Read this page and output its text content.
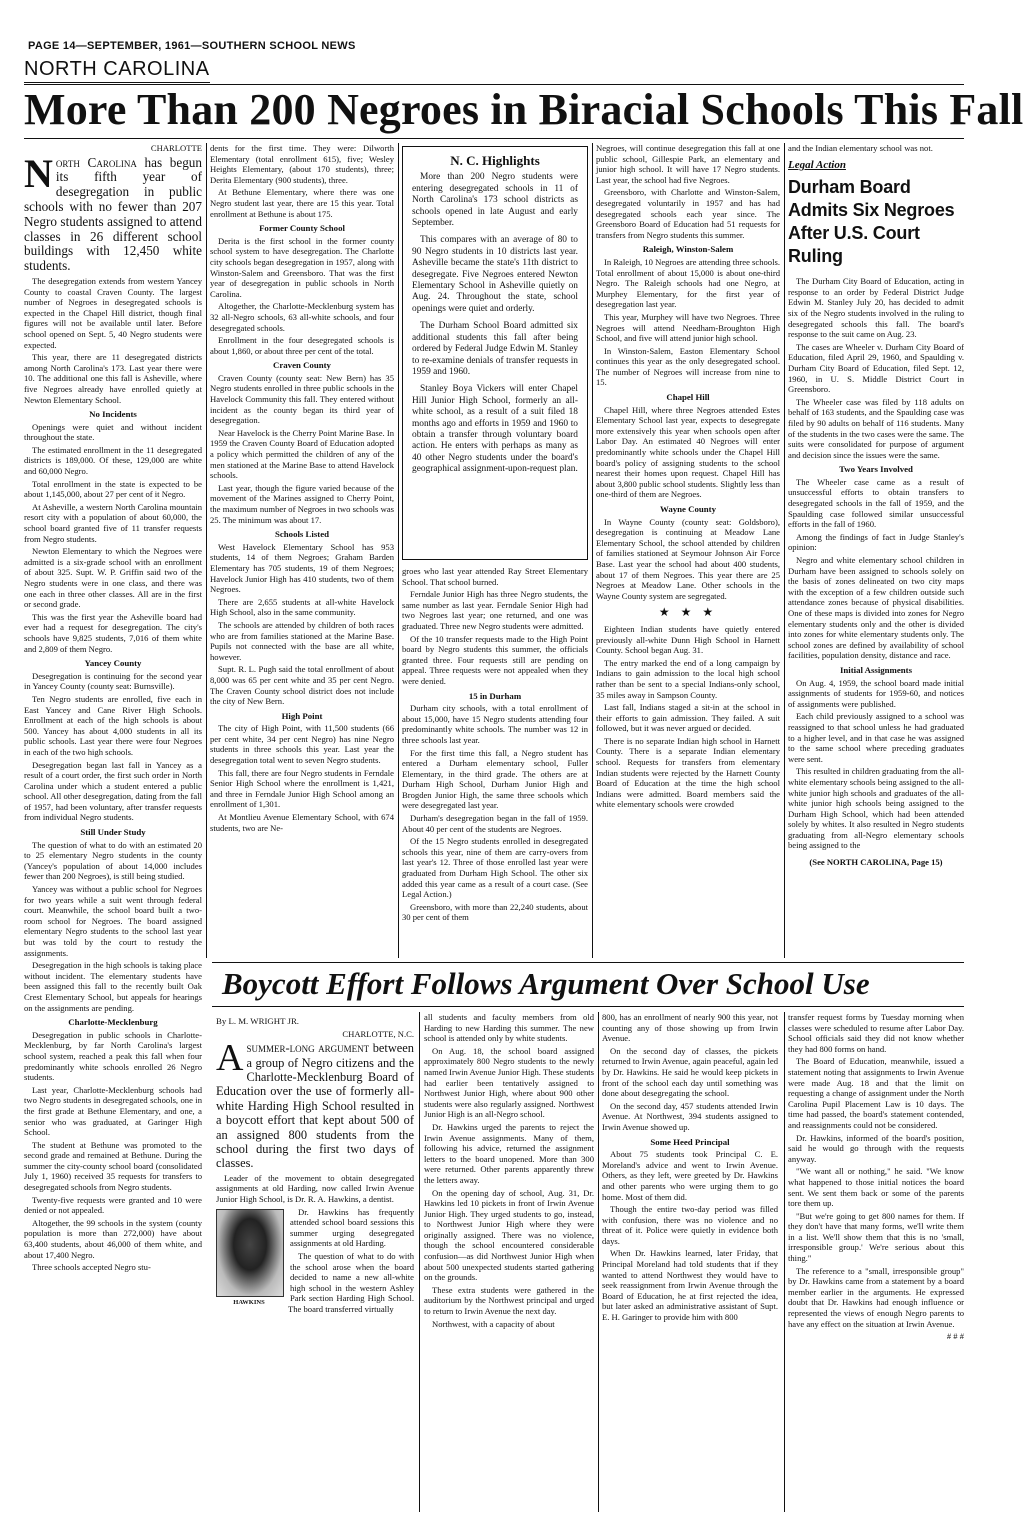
PAGE 14—SEPTEMBER, 1961—SOUTHERN SCHOOL NEWS
NORTH CAROLINA
More Than 200 Negroes in Biracial Schools This Fall

CHARLOTTE

North Carolina has begun its fifth year of desegregation in public schools with no fewer than 207 Negro students assigned to attend classes in 26 different school buildings with 12,450 white students.

The desegregation extends from western Yancey County to coastal Craven County. The largest number of Negroes in desegregated schools is expected in the Chapel Hill district, though final figures will not be available until later. Before school opened on Sept. 5, 40 Negro students were expected.

This year, there are 11 desegregated districts among North Carolina's 173. Last year there were 10. The additional one this fall is Asheville, where five Negroes already have enrolled quietly at Newton Elementary School.

No Incidents

Openings were quiet and without incident throughout the state.

The estimated enrollment in the 11 desegregated districts is 189,000. Of these, 129,000 are white and 60,000 Negro.

Total enrollment in the state is expected to be about 1,145,000, about 27 per cent of it Negro.

At Asheville, a western North Carolina mountain resort city with a population of about 60,000, the school board granted five of 11 transfer requests from Negro students.

Newton Elementary to which the Negroes were admitted is a six-grade school with an enrollment of about 325. Supt. W. P. Griffin said two of the Negro students were in one class, and there was one each in three other classes. All are in the first or second grade.

This was the first year the Asheville board had ever had a request for desegregation. The city's schools have 9,825 students, 7,016 of them white and 2,809 of them Negro.

Yancey County

Desegregation is continuing for the second year in Yancey County (county seat: Burnsville).

Ten Negro students are enrolled, five each in East Yancey and Cane River High Schools. Enrollment at each of the high schools is about 500. Yancey has about 4,000 students in all its public schools. Last year there were four Negroes in each of the two high schools.

Desegregation began last fall in Yancey as a result of a court order, the first such order in North Carolina under which a student entered a public school. All other desegregation, dating from the fall of 1957, had been voluntary, after transfer requests from individual Negro students.

Still Under Study

The question of what to do with an estimated 20 to 25 elementary Negro students in the county (Yancey's population of about 14,000 includes fewer than 200 Negroes), is still being studied.

Yancey was without a public school for Negroes for two years while a suit went through federal court. Meanwhile, the school board built a two-room school for Negroes. The board assigned elementary Negro students to the school last year but was told by the court to restudy the assignments.

Desegregation in the high schools is taking place without incident. The elementary students have been assigned this fall to the recently built Oak Crest Elementary School, but appeals for hearings on the assignments are pending.

Charlotte-Mecklenburg

Desegregation in public schools in Charlotte-Mecklenburg, by far North Carolina's largest school system, reached a peak this fall when four predominantly white schools enrolled 26 Negro students.

Last year, Charlotte-Mecklenburg schools had two Negro students in desegregated schools, one in the first grade at Bethune Elementary, and one, a senior who was graduated, at Garinger High School.

The student at Bethune was promoted to the second grade and remained at Bethune. During the summer the city-county school board (consolidated July 1, 1960) received 35 requests for transfers to desegregated schools from Negro students.

Twenty-five requests were granted and 10 were denied or not appealed.

Altogether, the 99 schools in the system (county population is more than 272,000) have about 63,400 students, about 46,000 of them white, and about 17,400 Negro.

Three schools accepted Negro stu-

dents for the first time. They were: Dilworth Elementary (total enrollment 615), five; Wesley Heights Elementary, (about 170 students), three; Derita Elementary (900 students), three.

At Bethune Elementary, where there was one Negro student last year, there are 15 this year. Total enrollment at Bethune is about 175.

Former County School

Derita is the first school in the former county school system to have desegregation. The Charlotte city schools began desegregation in 1957, along with Winston-Salem and Greensboro. That was the first year of desegregation in public schools in North Carolina.

Altogether, the Charlotte-Mecklenburg system has 32 all-Negro schools, 63 all-white schools, and four desegregated schools.

Enrollment in the four desegregated schools is about 1,860, or about three per cent of the total.

Craven County

Craven County (county seat: New Bern) has 35 Negro students enrolled in three public schools in the Havelock Community this fall. They entered without incident as the county began its third year of desegregation.

Near Havelock is the Cherry Point Marine Base. In 1959 the Craven County Board of Education adopted a policy which permitted the children of any of the men stationed at the Marine Base to attend Havelock schools.

Last year, though the figure varied because of the movement of the Marines assigned to Cherry Point, the maximum number of Negroes in two schools was 25. The minimum was about 17.

Schools Listed

West Havelock Elementary School has 953 students, 14 of them Negroes; Graham Barden Elementary has 705 students, 19 of them Negroes; Havelock Junior High has 410 students, two of them Negroes.

There are 2,655 students at all-white Havelock High School, also in the same community.

The schools are attended by children of both races who are from families stationed at the Marine Base. Pupils not connected with the base are all white, however.

Supt. R. L. Pugh said the total enrollment of about 8,000 was 65 per cent white and 35 per cent Negro. The Craven County school district does not include the city of New Bern.

High Point

The city of High Point, with 11,500 students (66 per cent white, 34 per cent Negro) has nine Negro students in three schools this year. Last year the desegregation total went to seven Negro students.

This fall, there are four Negro students in Ferndale Senior High School where the enrollment is 1,421, and three in Ferndale Junior High School among an enrollment of 1,301.

At Montlieu Avenue Elementary School, with 674 students, two are Ne-

N. C. Highlights

More than 200 Negro students were entering desegregated schools in 11 of North Carolina's 173 school districts as schools opened in late August and early September.

This compares with an average of 80 to 90 Negro students in 10 districts last year. Asheville became the state's 11th district to desegregate. Five Negroes entered Newton Elementary School in Asheville quietly on Aug. 24. Throughout the state, school openings were quiet and orderly.

The Durham School Board admitted six additional students this fall after being ordered by Federal Judge Edwin M. Stanley to re-examine denials of transfer requests in 1959 and 1960.

Stanley Boya Vickers will enter Chapel Hill Junior High School, formerly an all-white school, as a result of a suit filed 18 months ago and efforts in 1959 and 1960 to obtain a transfer through voluntary board action. He enters with perhaps as many as 40 other Negro students under the board's geographical assignment-upon-request plan.

groes who last year attended Ray Street Elementary School. That school burned.

Ferndale Junior High has three Negro students, the same number as last year. Ferndale Senior High had two Negroes last year; one returned, and one was graduated. Three new Negro students were admitted.

Of the 10 transfer requests made to the High Point board by Negro students this summer, the officials granted three. Four requests still are pending on appeal. Three requests were not appealed when they were denied.

15 in Durham

Durham city schools, with a total enrollment of about 15,000, have 15 Negro students attending four predominantly white schools. The number was 12 in three schools last year.

For the first time this fall, a Negro student has entered a Durham elementary school, Fuller Elementary, in the third grade. The others are at Durham High School, Durham Junior High and Brogden Junior High, the same three schools which were desegregated last year.

Durham's desegregation began in the fall of 1959. About 40 per cent of the students are Negroes.

Of the 15 Negro students enrolled in desegregated schools this year, nine of them are carry-overs from last year's 12. Three of those enrolled last year were graduated from Durham High School. The other six added this year came as a result of a court case. (See Legal Action.)

Greensboro, with more than 22,240 students, about 30 per cent of them

Negroes, will continue desegregation this fall at one public school, Gillespie Park, an elementary and junior high school. It will have 17 Negro students. Last year, the school had five Negroes.

Greensboro, with Charlotte and Winston-Salem, desegregated voluntarily in 1957 and has had desegregated schools each year since. The Greensboro Board of Education had 51 requests for transfers from Negro students this summer.

Raleigh, Winston-Salem

In Raleigh, 10 Negroes are attending three schools. Total enrollment of about 15,000 is about one-third Negro. The Raleigh schools had one Negro, at Murphey Elementary, for the first year of desegregation last year.

This year, Murphey will have two Negroes. Three Negroes will attend Needham-Broughton High School, and five will attend junior high school.

In Winston-Salem, Easton Elementary School continues this year as the only desegregated school. The number of Negroes will increase from nine to 15.

Chapel Hill

Chapel Hill, where three Negroes attended Estes Elementary School last year, expects to desegregate more extensively this year when schools open after Labor Day. An estimated 40 Negroes will enter predominantly white schools under the Chapel Hill board's policy of assigning students to the school nearest their homes upon request. Chapel Hill has about 3,800 public school students. Slightly less than one-third of them are Negroes.

Wayne County

In Wayne County (county seat: Goldsboro), desegregation is continuing at Meadow Lane Elementary School, the school attended by children of families stationed at Seymour Johnson Air Force Base. Last year the school had about 400 students, about 17 of them Negroes. This year there are 25 Negroes at Meadow Lane. Other schools in the Wayne County system are segregated.

★ ★ ★

Eighteen Indian students have quietly entered previously all-white Dunn High School in Harnett County. School began Aug. 31.

The entry marked the end of a long campaign by Indians to gain admission to the local high school rather than be sent to a special Indians-only school, 35 miles away in Sampson County.

Last fall, Indians staged a sit-in at the school in their efforts to gain admission. They failed. A suit followed, but it was never argued or decided.

There is no separate Indian high school in Harnett County. There is a separate Indian elementary school. Requests for transfers from elementary Indian students were rejected by the Harnett County Board of Education at the time the high school Indians were admitted. Board members said the white elementary schools were crowded

and the Indian elementary school was not.

Legal Action
Durham Board Admits Six Negroes After U.S. Court Ruling

The Durham City Board of Education, acting in response to an order by Federal District Judge Edwin M. Stanley July 20, has decided to admit six of the Negro students involved in the ruling to desegregated schools this fall. The board's response to the suit came on Aug. 23.

The cases are Wheeler v. Durham City Board of Education, filed April 29, 1960, and Spaulding v. Durham City Board of Education, filed Sept. 12, 1960, in U. S. Middle District Court in Greensboro.

The Wheeler case was filed by 118 adults on behalf of 163 students, and the Spaulding case was filed by 90 adults on behalf of 116 students. Many of the students in the two cases were the same. The suits were consolidated for purpose of argument and decision since the issues were the same.

Two Years Involved

The Wheeler case came as a result of unsuccessful efforts to obtain transfers to desegregated schools in the fall of 1959, and the Spaulding case followed similar unsuccessful efforts in the fall of 1960.

Among the findings of fact in Judge Stanley's opinion:

Negro and white elementary school children in Durham have been assigned to schools solely on the basis of zones delineated on two city maps with the exception of a few children outside such attendance zones because of physical disabilities. One of these maps is divided into zones for Negro elementary students only and the other is divided into zones for white elementary students only. The school zones are defined by availability of school facilities, population density, distance and race.

Initial Assignments

On Aug. 4, 1959, the school board made initial assignments of students for 1959-60, and notices of assignments were published.

Each child previously assigned to a school was reassigned to that school unless he had graduated to a higher level, and in that case he was assigned to the same school where preceding graduates were sent.

This resulted in children graduating from the all-white elementary schools being assigned to the all-white junior high schools and graduates of the all-white junior high schools being assigned to the Durham High School, which had been attended solely by whites. It also resulted in Negro students graduating from all-Negro elementary schools being assigned to the

(See NORTH CAROLINA, Page 15)

Boycott Effort Follows Argument Over School Use

By L. M. WRIGHT JR.

CHARLOTTE, N.C.

Asummer-long argument between a group of Negro citizens and the Charlotte-Mecklenburg Board of Education over the use of formerly all-white Harding High School resulted in a boycott effort that kept about 500 of an assigned 800 students from the school during the first two days of classes.

Leader of the movement to obtain desegregated assignments at old Harding, now called Irwin Avenue Junior High School, is Dr. R. A. Hawkins, a dentist.

HAWKINS

Dr. Hawkins has frequently attended school board sessions this summer urging desegregated assignments at old Harding.

The question of what to do with the school arose when the board decided to name a new all-white high school in the western Ashley Park section Harding High School. The board transferred virtually

all students and faculty members from old Harding to new Harding this summer. The new school is attended only by white students.

On Aug. 18, the school board assigned approximately 800 Negro students to the newly named Irwin Avenue Junior High. These students had earlier been tentatively assigned to Northwest Junior High, where about 900 other students were also regularly assigned. Northwest Junior High is an all-Negro school.

Dr. Hawkins urged the parents to reject the Irwin Avenue assignments. Many of them, following his advice, returned the assignment letters to the board unopened. More than 300 were returned. Other parents apparently threw the letters away.

On the opening day of school, Aug. 31, Dr. Hawkins led 10 pickets in front of Irwin Avenue Junior High. They urged students to go, instead, to Northwest Junior High where they were originally assigned. There was no violence, though the school encountered considerable confusion—as did Northwest Junior High when about 500 unexpected students started gathering on the grounds.

These extra students were gathered in the auditorium by the Northwest principal and urged to return to Irwin Avenue the next day.

Northwest, with a capacity of about

800, has an enrollment of nearly 900 this year, not counting any of those showing up from Irwin Avenue.

On the second day of classes, the pickets returned to Irwin Avenue, again peaceful, again led by Dr. Hawkins. He said he would keep pickets in front of the school each day until something was done about desegregating the school.

On the second day, 457 students attended Irwin Avenue. At Northwest, 394 students assigned to Irwin Avenue showed up.

Some Heed Principal

About 75 students took Principal C. E. Moreland's advice and went to Irwin Avenue. Others, as they left, were greeted by Dr. Hawkins and other parents who were urging them to go home. Most of them did.

Though the entire two-day period was filled with confusion, there was no violence and no threat of it. Police were quietly in evidence both days.

When Dr. Hawkins learned, later Friday, that Principal Moreland had told students that if they wanted to attend Northwest they would have to seek reassignment from Irwin Avenue through the Board of Education, he at first rejected the idea, but later asked an administrative assistant of Supt. E. H. Garinger to provide him with 800

transfer request forms by Tuesday morning when classes were scheduled to resume after Labor Day. School officials said they did not know whether they had 800 forms on hand.

The Board of Education, meanwhile, issued a statement noting that assignments to Irwin Avenue were made Aug. 18 and that the limit on requesting a change of assignment under the North Carolina Pupil Placement Law is 10 days. The time had passed, the board's statement contended, and reassignments could not be considered.

Dr. Hawkins, informed of the board's position, said he would go through with the requests anyway.

"We want all or nothing," he said. "We know what happened to those initial notices the board sent. We sent them back or some of the parents tore them up.

"But we're going to get 800 names for them. If they don't have that many forms, we'll write them in a list. We'll show them that this is no 'small, irresponsible group.' We're serious about this thing."

The reference to a "small, irresponsible group" by Dr. Hawkins came from a statement by a board member earlier in the arguments. He expressed doubt that Dr. Hawkins had enough influence or represented the views of enough Negro parents to have any effect on the situation at Irwin Avenue.

# # #
